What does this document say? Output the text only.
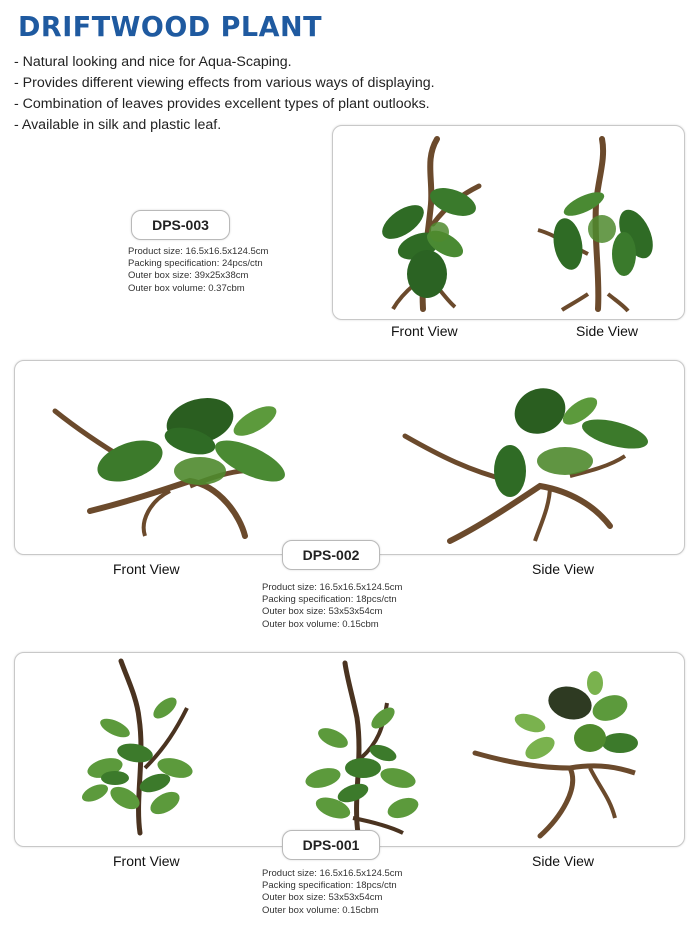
DRIFTWOOD PLANT
- Natural looking and nice for Aqua-Scaping.
- Provides different viewing effects from various ways of displaying.
- Combination of leaves provides excellent types of plant outlooks.
- Available in silk and plastic leaf.
DPS-003
Product size: 16.5x16.5x124.5cm
Packing specification: 24pcs/ctn
Outer box size: 39x25x38cm
Outer box volume: 0.37cbm
Front View	Side View
DPS-002
Front View	Side View
Product size: 16.5x16.5x124.5cm
Packing specification: 18pcs/ctn
Outer box size: 53x53x54cm
Outer box volume: 0.15cbm
DPS-001
Front View	Side View
Product size: 16.5x16.5x124.5cm
Packing specification: 18pcs/ctn
Outer box size: 53x53x54cm
Outer box volume: 0.15cbm
